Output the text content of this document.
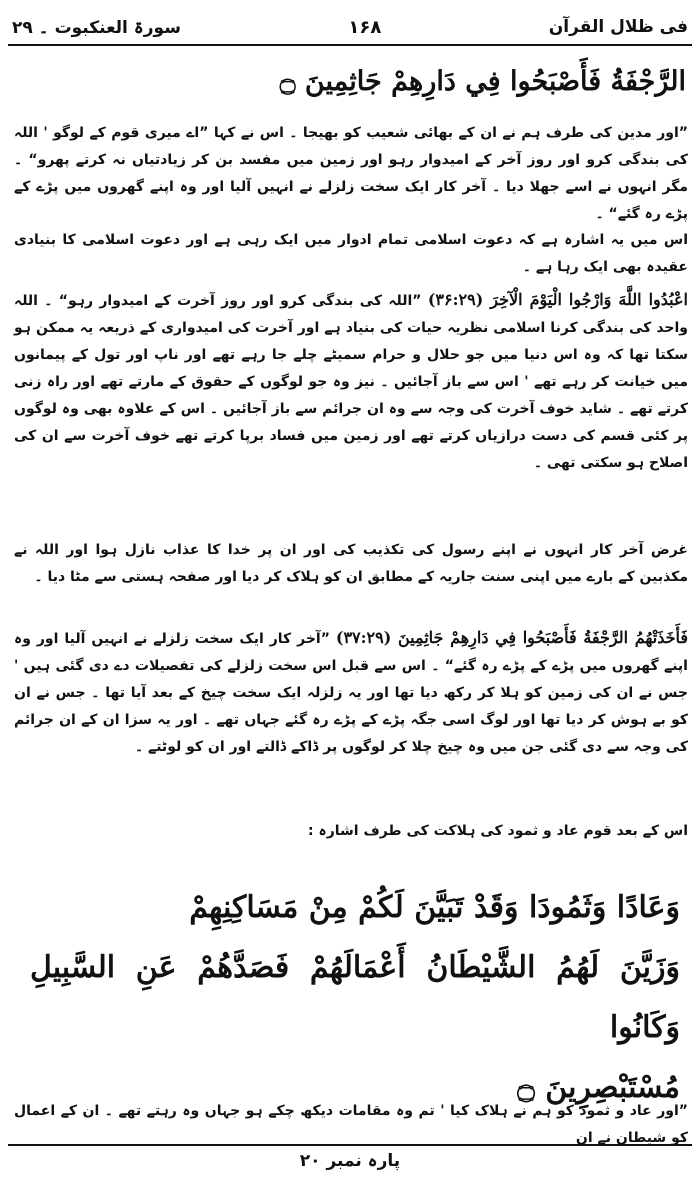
سورۃ العنکبوت ۔ ۲۹	۱۶۸	فی ظلال القرآن
الرَّجْفَةُ فَأَصْبَحُوا فِي دَارِهِمْ جَاثِمِينَ ۝

”اور مدین کی طرف ہم نے ان کے بھائی شعیب کو بھیجا ۔ اس نے کہا ”اے میری قوم کے لوگو ' اللہ کی بندگی کرو اور روز آخر کے امیدوار رہو اور زمین میں مفسد بن کر زیادتیاں نہ کرتے پھرو“ ۔ مگر انہوں نے اسے جھلا دیا ۔ آخر کار ایک سخت زلزلے نے انہیں آلیا اور وہ اپنے گھروں میں پڑے کے پڑے رہ گئے“ ۔

اس میں یہ اشارہ ہے کہ دعوت اسلامی تمام ادوار میں ایک رہی ہے اور دعوت اسلامی کا بنیادی عقیدہ بھی ایک رہا ہے ۔

اعْبُدُوا اللَّهَ وَارْجُوا الْيَوْمَ الْآخِرَ (۳۶:۲۹) ”اللہ کی بندگی کرو اور روز آخرت کے امیدوار رہو“ ۔ اللہ واحد کی بندگی کرنا اسلامی نظریہ حیات کی بنیاد ہے اور آخرت کی امیدواری کے ذریعہ یہ ممکن ہو سکتا تھا کہ وہ اس دنیا میں جو حلال و حرام سمیٹے چلے جا رہے تھے اور ناپ اور تول کے پیمانوں میں خیانت کر رہے تھے ' اس سے باز آجائیں ۔ نیز وہ جو لوگوں کے حقوق کے مارتے تھے اور راہ زنی کرتے تھے ۔ شاید خوف آخرت کی وجہ سے وہ ان جرائم سے باز آجائیں ۔ اس کے علاوہ بھی وہ لوگوں پر کئی قسم کی دست درازیاں کرتے تھے اور زمین میں فساد برپا کرتے تھے خوف آخرت سے ان کی اصلاح ہو سکتی تھی ۔

غرض آخر کار انہوں نے اپنے رسول کی تکذیب کی اور ان پر خدا کا عذاب نازل ہوا اور اللہ نے مکذبین کے بارے میں اپنی سنت جاریہ کے مطابق ان کو ہلاک کر دیا اور صفحہ ہستی سے مٹا دیا ۔

فَأَخَذَتْهُمُ الرَّجْفَةُ فَأَصْبَحُوا فِي دَارِهِمْ جَاثِمِينَ (۳۷:۲۹) ”آخر کار ایک سخت زلزلے نے انہیں آلیا اور وہ اپنے گھروں میں پڑے کے پڑے رہ گئے“ ۔ اس سے قبل اس سخت زلزلے کی تفصیلات دے دی گئی ہیں ' جس نے ان کی زمین کو ہلا کر رکھ دیا تھا اور یہ زلزلہ ایک سخت چیخ کے بعد آیا تھا ۔ جس نے ان کو بے ہوش کر دیا تھا اور لوگ اسی جگہ پڑے کے پڑے رہ گئے جہاں تھے ۔ اور یہ سزا ان کے ان جرائم کی وجہ سے دی گئی جن میں وہ چیخ چلا کر لوگوں پر ڈاکے ڈالتے اور ان کو لوٹتے ۔

اس کے بعد قوم عاد و ثمود کی ہلاکت کی طرف اشارہ :

وَعَادًا وَثَمُودَا وَقَدْ تَبَيَّنَ لَكُمْ مِنْ مَسَاكِنِهِمْ

وَزَيَّنَ لَهُمُ الشَّيْطَانُ أَعْمَالَهُمْ فَصَدَّهُمْ عَنِ السَّبِيلِ وَكَانُوا

مُسْتَبْصِرِينَ ۝

”اور عاد و ثمود کو ہم نے ہلاک کیا ' تم وہ مقامات دیکھ چکے ہو جہاں وہ رہتے تھے ۔ ان کے اعمال کو شیطان نے ان

پارہ نمبر ۲۰
